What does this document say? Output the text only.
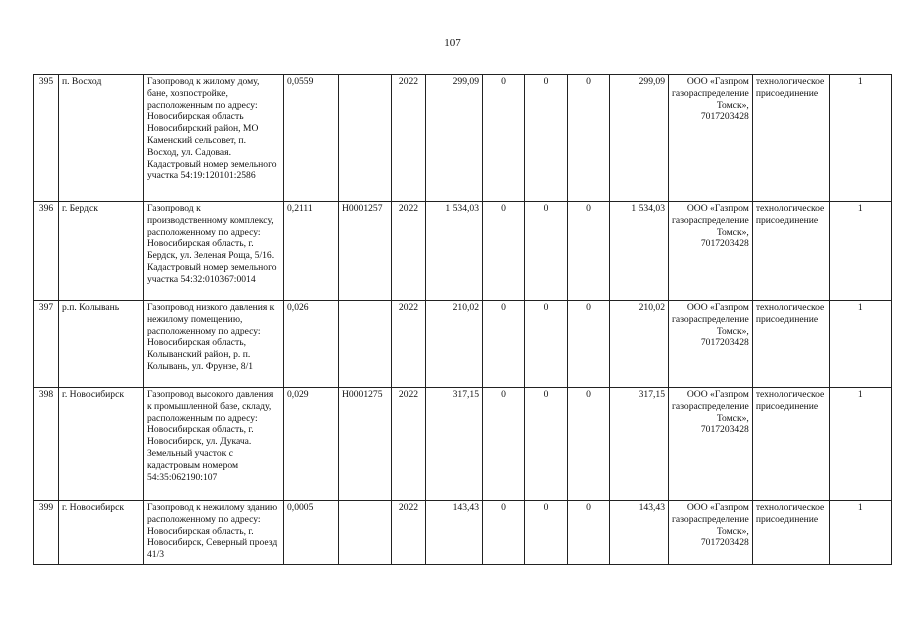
107
395	п. Восход	Газопровод к жилому дому, бане, хозпостройке, расположенным по адресу: Новосибирская область Новосибирский район, МО Каменский сельсовет, п. Восход, ул. Садовая. Кадастровый номер земельного участка 54:19:120101:2586	0,0559		2022	299,09	0	0	0	299,09	ООО «Газпром газораспределение Томск», 7017203428	технологическое присоединение	1
396	г. Бердск	Газопровод к производственному комплексу, расположенному по адресу: Новосибирская область, г. Бердск, ул. Зеленая Роща, 5/16. Кадастровый номер земельного участка 54:32:010367:0014	0,2111	Н0001257	2022	1 534,03	0	0	0	1 534,03	ООО «Газпром газораспределение Томск», 7017203428	технологическое присоединение	1
397	р.п. Колывань	Газопровод низкого давления к нежилому помещению, расположенному по адресу: Новосибирская область, Колыванский район, р. п. Колывань, ул. Фрунзе, 8/1	0,026		2022	210,02	0	0	0	210,02	ООО «Газпром газораспределение Томск», 7017203428	технологическое присоединение	1
398	г. Новосибирск	Газопровод высокого давления к промышленной базе, складу, расположенным по адресу: Новосибирская область, г. Новосибирск, ул. Дукача. Земельный участок с кадастровым номером 54:35:062190:107	0,029	Н0001275	2022	317,15	0	0	0	317,15	ООО «Газпром газораспределение Томск», 7017203428	технологическое присоединение	1
399	г. Новосибирск	Газопровод к нежилому зданию расположенному по адресу: Новосибирская область, г. Новосибирск, Северный проезд 41/3	0,0005		2022	143,43	0	0	0	143,43	ООО «Газпром газораспределение Томск», 7017203428	технологическое присоединение	1
